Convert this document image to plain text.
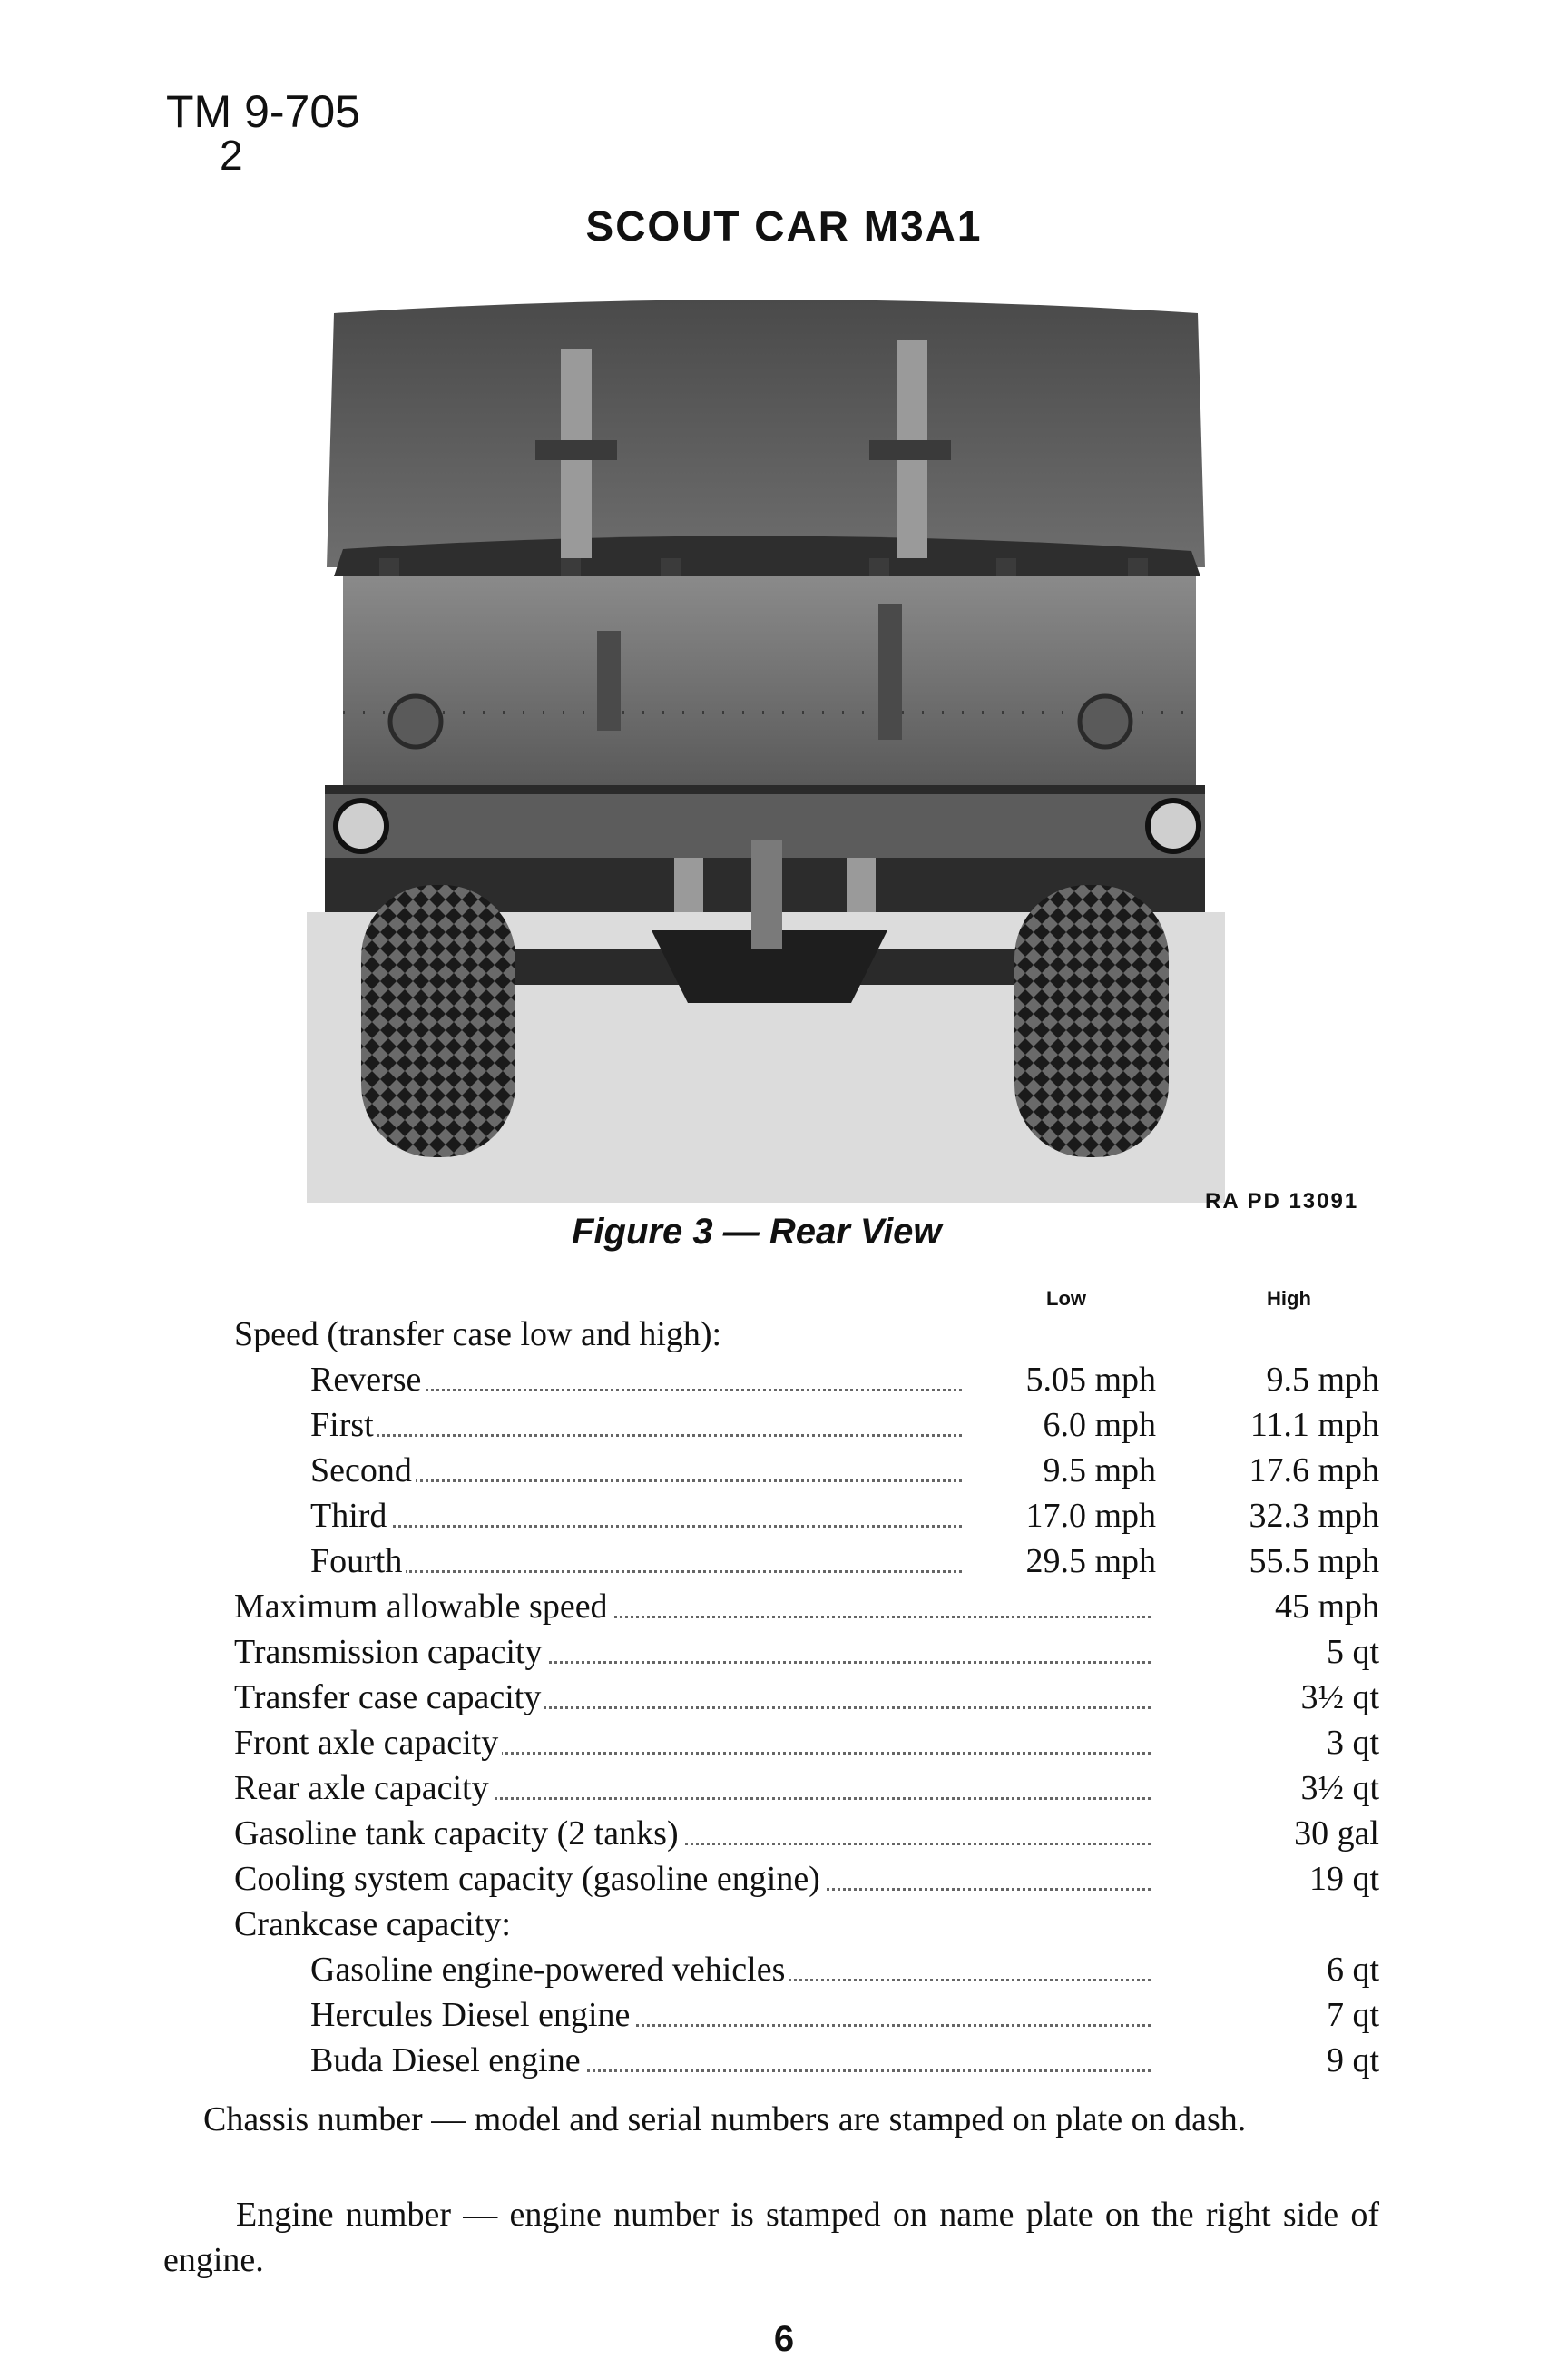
TM 9-705
2
SCOUT CAR M3A1
RA PD 13091
Figure 3 — Rear View
Low	High
Speed (transfer case low and high):
Reverse	5.05 mph	9.5 mph
First	6.0 mph	11.1 mph
Second	9.5 mph	17.6 mph
Third	17.0 mph	32.3 mph
Fourth	29.5 mph	55.5 mph
Maximum allowable speed	45 mph
Transmission capacity	5 qt
Transfer case capacity	3½ qt
Front axle capacity	3 qt
Rear axle capacity	3½ qt
Gasoline tank capacity (2 tanks)	30 gal
Cooling system capacity (gasoline engine)	19 qt
Crankcase capacity:
Gasoline engine-powered vehicles	6 qt
Hercules Diesel engine	7 qt
Buda Diesel engine	9 qt

Chassis number — model and serial numbers are stamped on plate on dash.

Engine number — engine number is stamped on name plate on the right side of engine.

6
